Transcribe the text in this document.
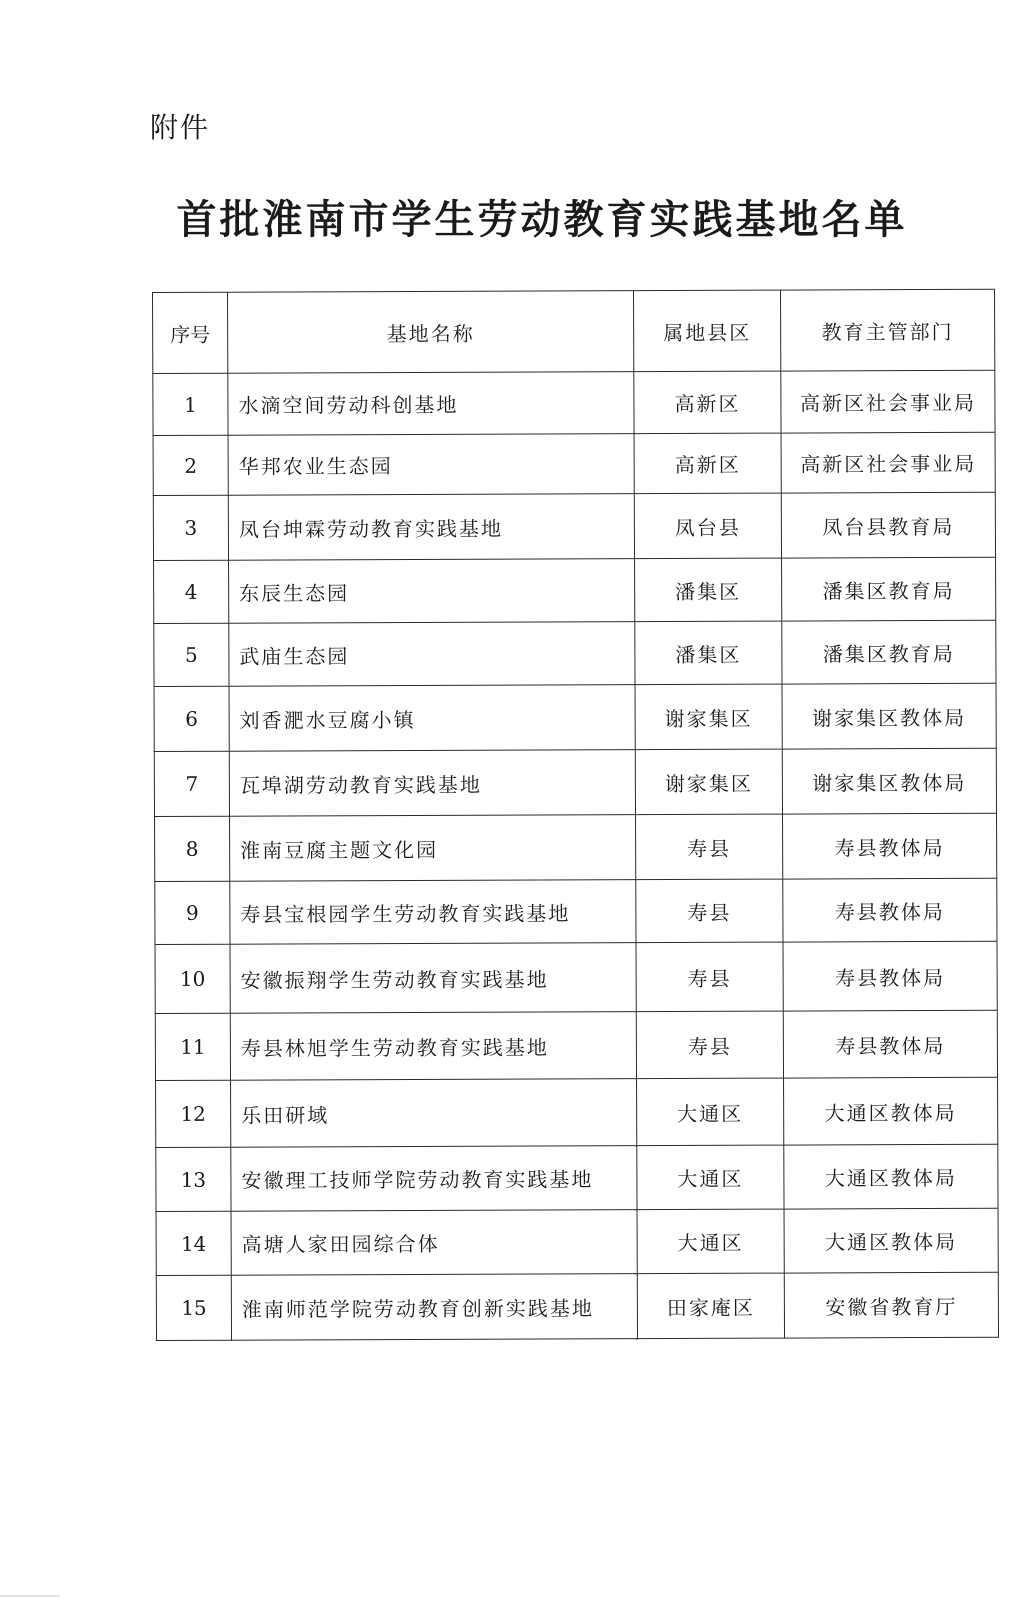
附件
首批淮南市学生劳动教育实践基地名单
序号	基地名称	属地县区	教育主管部门
1	水滴空间劳动科创基地	高新区	高新区社会事业局
2	华邦农业生态园	高新区	高新区社会事业局
3	凤台坤霖劳动教育实践基地	凤台县	凤台县教育局
4	东辰生态园	潘集区	潘集区教育局
5	武庙生态园	潘集区	潘集区教育局
6	刘香淝水豆腐小镇	谢家集区	谢家集区教体局
7	瓦埠湖劳动教育实践基地	谢家集区	谢家集区教体局
8	淮南豆腐主题文化园	寿县	寿县教体局
9	寿县宝根园学生劳动教育实践基地	寿县	寿县教体局
10	安徽振翔学生劳动教育实践基地	寿县	寿县教体局
11	寿县林旭学生劳动教育实践基地	寿县	寿县教体局
12	乐田研域	大通区	大通区教体局
13	安徽理工技师学院劳动教育实践基地	大通区	大通区教体局
14	高塘人家田园综合体	大通区	大通区教体局
15	淮南师范学院劳动教育创新实践基地	田家庵区	安徽省教育厅
